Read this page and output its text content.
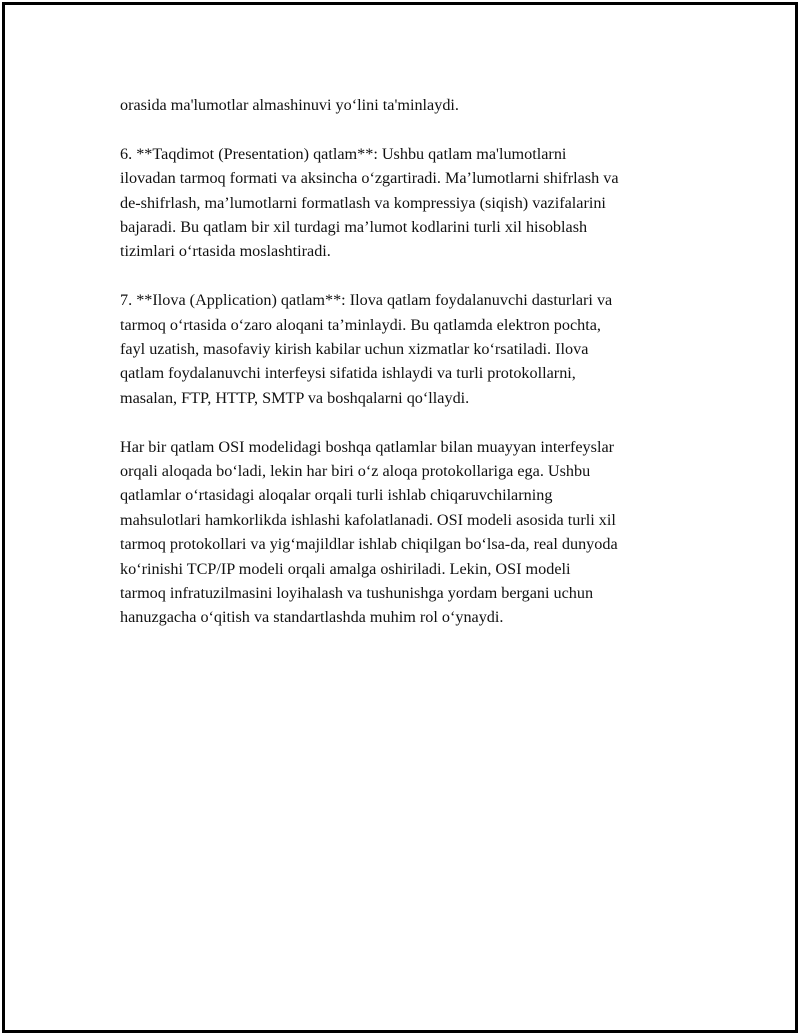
orasida ma'lumotlar almashinuvi yo‘lini ta'minlaydi.

6. **Taqdimot (Presentation) qatlam**: Ushbu qatlam ma'lumotlarni
ilovadan tarmoq formati va aksincha o‘zgartiradi. Ma’lumotlarni shifrlash va
de-shifrlash, ma’lumotlarni formatlash va kompressiya (siqish) vazifalarini
bajaradi. Bu qatlam bir xil turdagi ma’lumot kodlarini turli xil hisoblash
tizimlari o‘rtasida moslashtiradi.

7. **Ilova (Application) qatlam**: Ilova qatlam foydalanuvchi dasturlari va
tarmoq o‘rtasida o‘zaro aloqani ta’minlaydi. Bu qatlamda elektron pochta,
fayl uzatish, masofaviy kirish kabilar uchun xizmatlar ko‘rsatiladi. Ilova
qatlam foydalanuvchi interfeysi sifatida ishlaydi va turli protokollarni,
masalan, FTP, HTTP, SMTP va boshqalarni qo‘llaydi.

Har bir qatlam OSI modelidagi boshqa qatlamlar bilan muayyan interfeyslar
orqali aloqada bo‘ladi, lekin har biri o‘z aloqa protokollariga ega. Ushbu
qatlamlar o‘rtasidagi aloqalar orqali turli ishlab chiqaruvchilarning
mahsulotlari hamkorlikda ishlashi kafolatlanadi. OSI modeli asosida turli xil
tarmoq protokollari va yig‘majildlar ishlab chiqilgan bo‘lsa-da, real dunyoda
ko‘rinishi TCP/IP modeli orqali amalga oshiriladi. Lekin, OSI modeli
tarmoq infratuzilmasini loyihalash va tushunishga yordam bergani uchun
hanuzgacha o‘qitish va standartlashda muhim rol o‘ynaydi.
